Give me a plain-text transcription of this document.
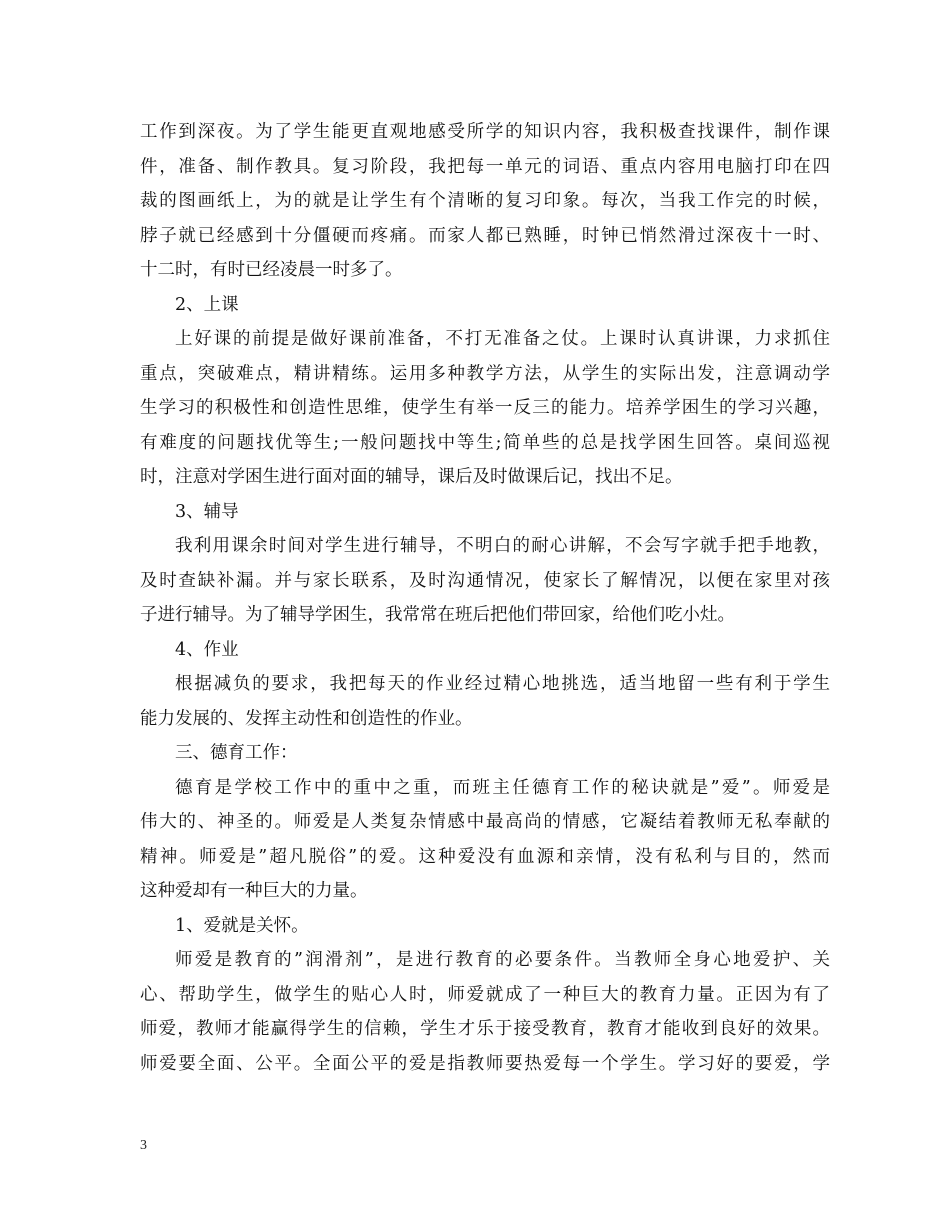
工作到深夜。为了学生能更直观地感受所学的知识内容，我积极查找课件，制作课
件，准备、制作教具。复习阶段，我把每一单元的词语、重点内容用电脑打印在四
裁的图画纸上，为的就是让学生有个清晰的复习印象。每次，当我工作完的时候，
脖子就已经感到十分僵硬而疼痛。而家人都已熟睡，时钟已悄然滑过深夜十一时、
十二时，有时已经凌晨一时多了。
2、上课
上好课的前提是做好课前准备，不打无准备之仗。上课时认真讲课，力求抓住
重点，突破难点，精讲精练。运用多种教学方法，从学生的实际出发，注意调动学
生学习的积极性和创造性思维，使学生有举一反三的能力。培养学困生的学习兴趣，
有难度的问题找优等生;一般问题找中等生;简单些的总是找学困生回答。桌间巡视
时，注意对学困生进行面对面的辅导，课后及时做课后记，找出不足。
3、辅导
我利用课余时间对学生进行辅导，不明白的耐心讲解，不会写字就手把手地教，
及时查缺补漏。并与家长联系，及时沟通情况，使家长了解情况，以便在家里对孩
子进行辅导。为了辅导学困生，我常常在班后把他们带回家，给他们吃小灶。
4、作业
根据减负的要求，我把每天的作业经过精心地挑选，适当地留一些有利于学生
能力发展的、发挥主动性和创造性的作业。
三、德育工作：
德育是学校工作中的重中之重，而班主任德育工作的秘诀就是”爱”。师爱是
伟大的、神圣的。师爱是人类复杂情感中最高尚的情感，它凝结着教师无私奉献的
精神。师爱是”超凡脱俗”的爱。这种爱没有血源和亲情，没有私利与目的，然而
这种爱却有一种巨大的力量。
1、爱就是关怀。
师爱是教育的”润滑剂”，是进行教育的必要条件。当教师全身心地爱护、关
心、帮助学生，做学生的贴心人时，师爱就成了一种巨大的教育力量。正因为有了
师爱，教师才能赢得学生的信赖，学生才乐于接受教育，教育才能收到良好的效果。
师爱要全面、公平。全面公平的爱是指教师要热爱每一个学生。学习好的要爱，学
3
